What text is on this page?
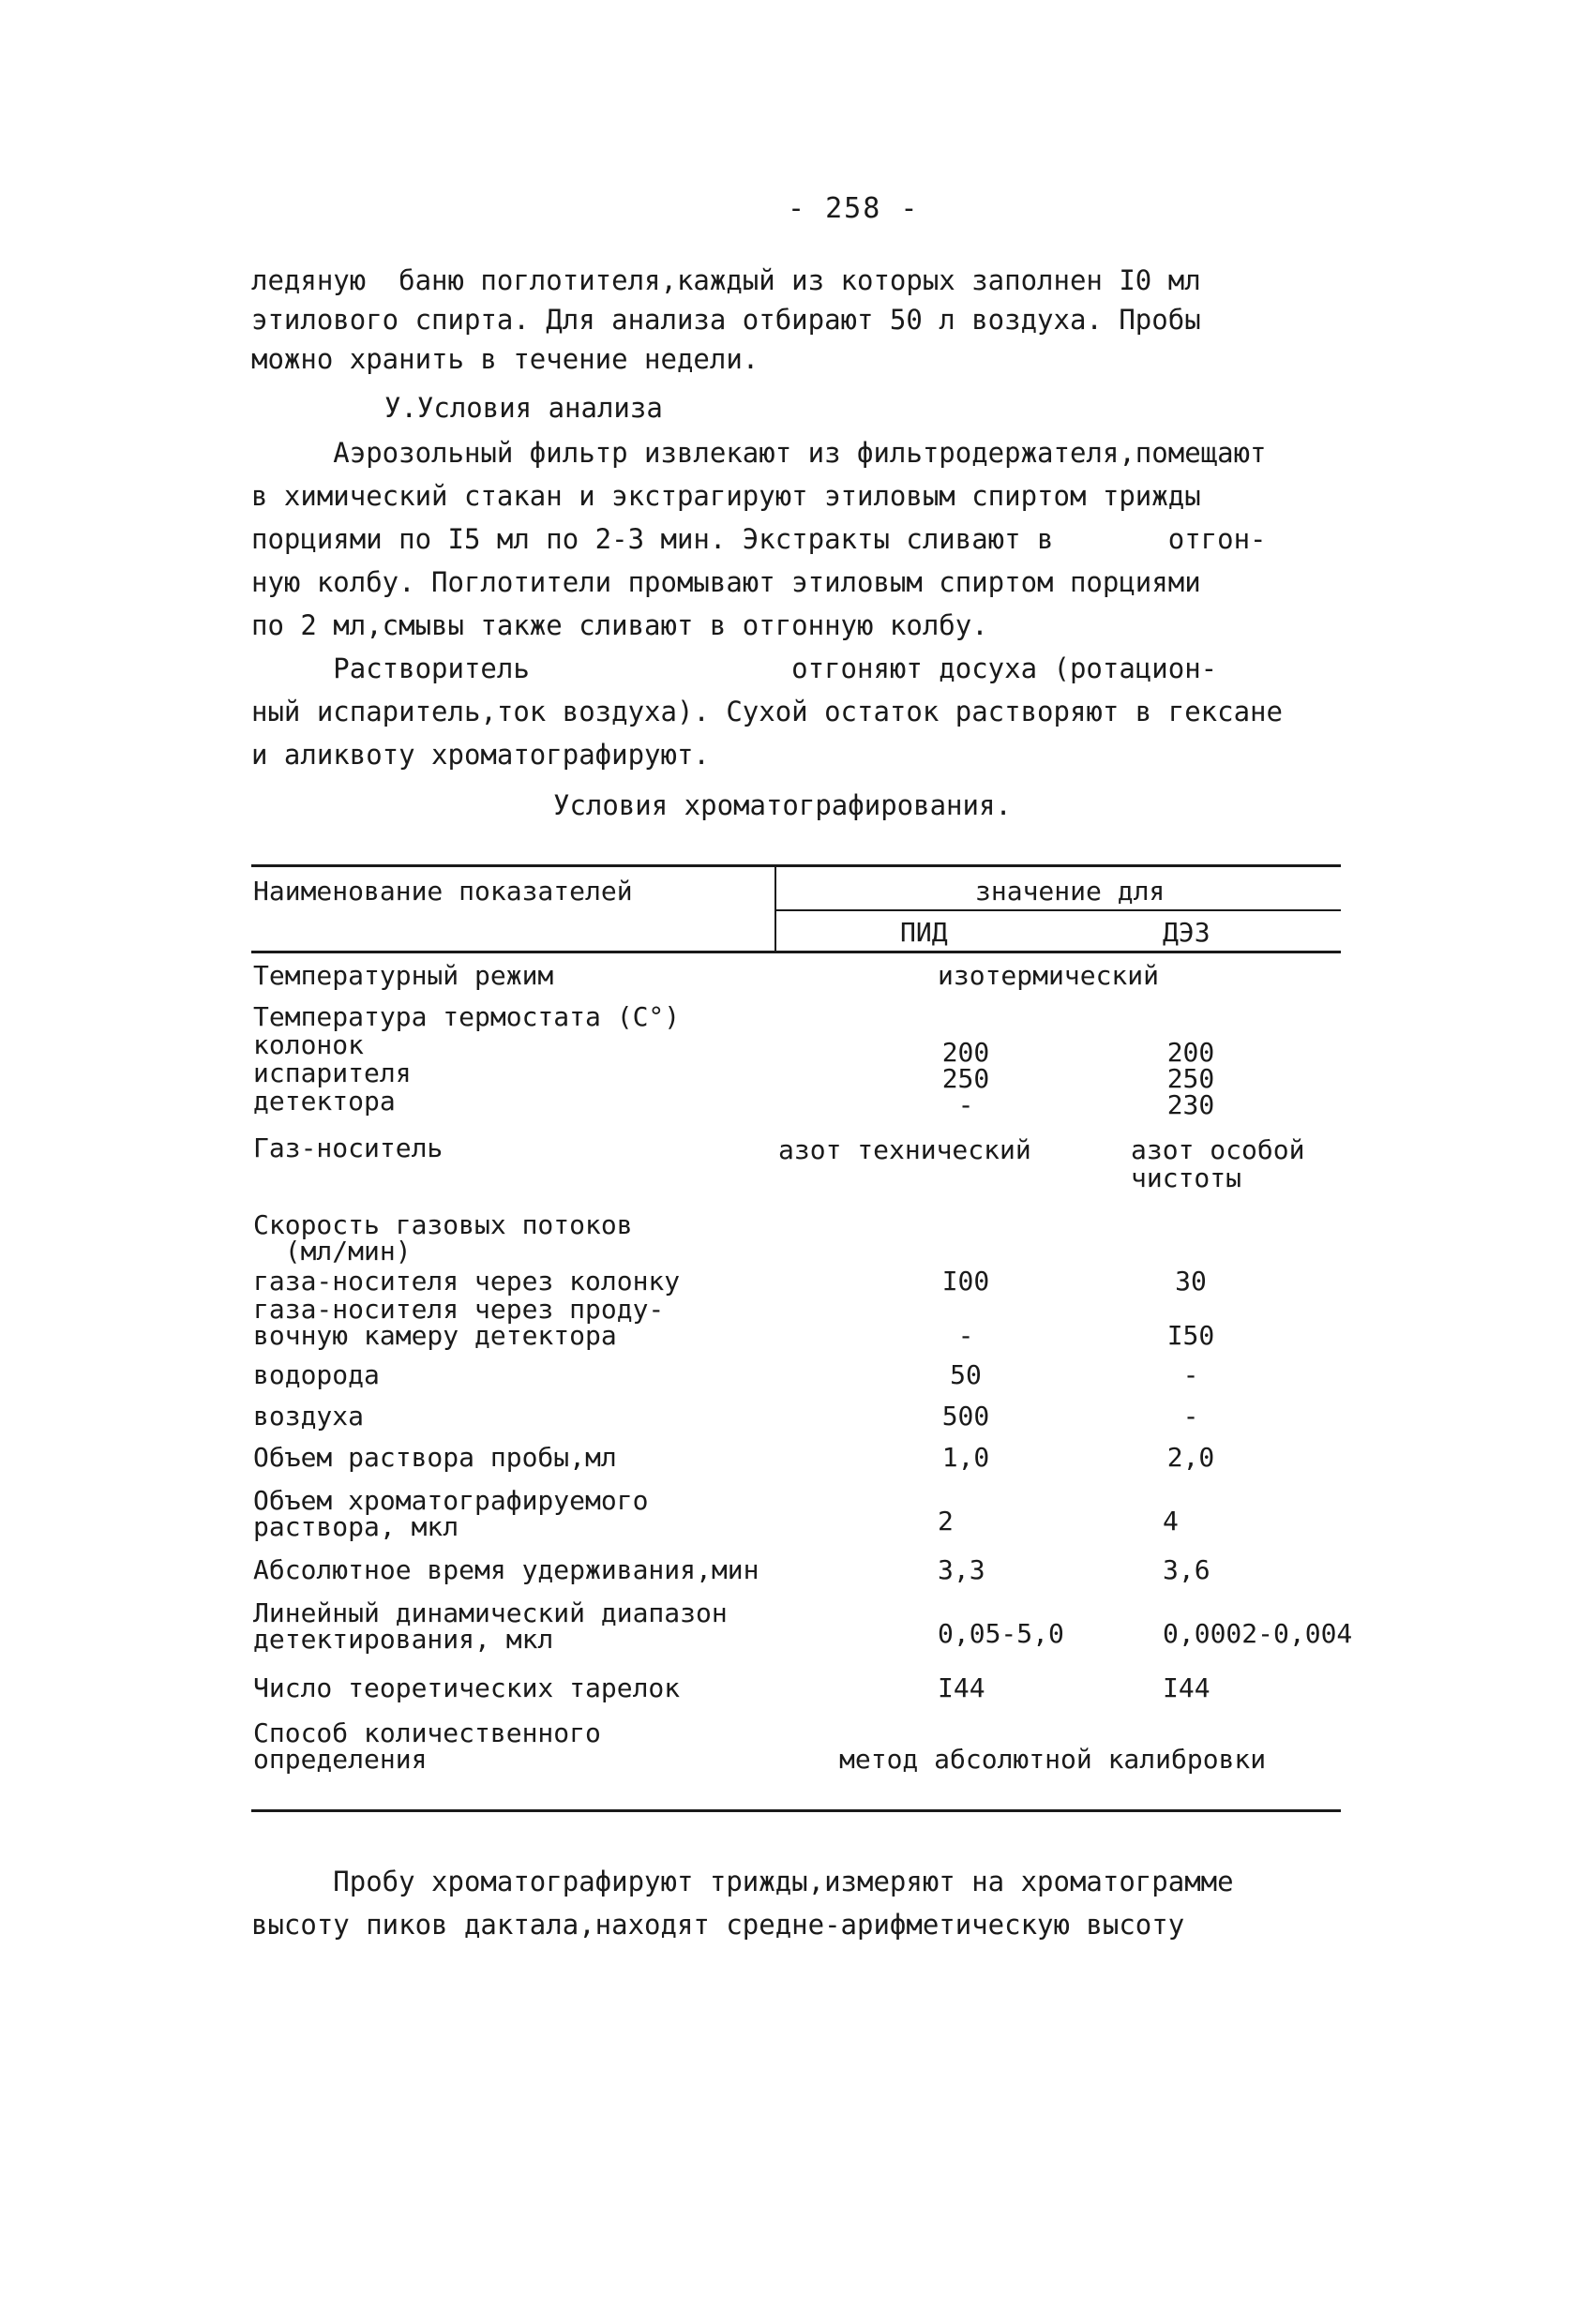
- 258 -
ледяную  баню поглотителя,каждый из которых заполнен I0 мл
этилового спирта. Для анализа отбирают 50 л воздуха. Пробы
можно хранить в течение недели.
У.Условия анализа
Аэрозольный фильтр извлекают из фильтродержателя,помещают
в химический стакан и экстрагируют этиловым спиртом трижды
порциями по I5 мл по 2-3 мин. Экстракты сливают в       отгон-
ную колбу. Поглотители промывают этиловым спиртом порциями
по 2 мл,смывы также сливают в отгонную колбу.
Растворитель                отгоняют досуха (ротацион-
ный испаритель,ток воздуха). Сухой остаток растворяют в гексане
и аликвоту хроматографируют.
Условия хроматографирования.
Наименование показателей	значение для
ПИД	ДЭЗ
Температурный режим	изотермический
Температура термостата (С°)
колонок	200	200
испарителя	250	250
детектора	-	230
Газ-носитель	азот технический	азот особой
чистоты
Скорость газовых потоков
(мл/мин)
газа-носителя через колонку	I00	30
газа-носителя через проду-
вочную камеру детектора	-	I50
водорода	50	-
воздуха	500	-
Объем раствора пробы,мл	1,0	2,0
Объем хроматографируемого
раствора, мкл	2	4
Абсолютное время удерживания,мин	3,3	3,6
Линейный динамический диапазон
детектирования, мкл	0,05-5,0	0,0002-0,004
Число теоретических тарелок	I44	I44
Способ количественного
определения	метод абсолютной калибровки
Пробу хроматографируют трижды,измеряют на хроматограмме
высоту пиков дактала,находят средне-арифметическую высоту
